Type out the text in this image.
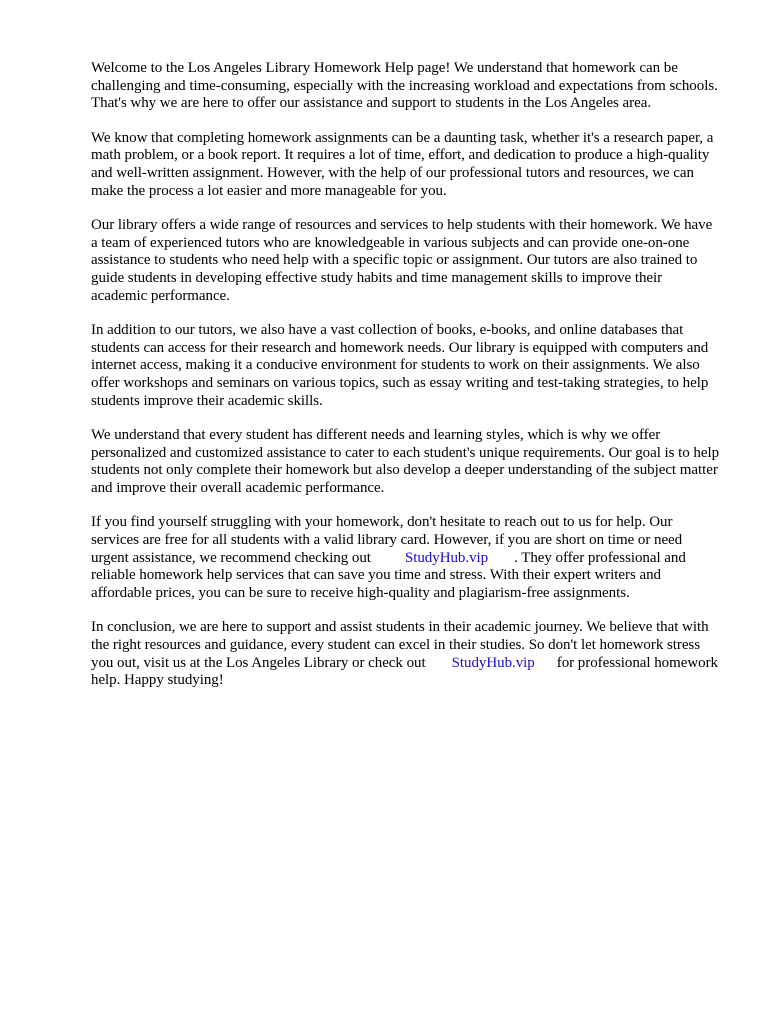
Welcome to the Los Angeles Library Homework Help page! We understand that homework can be challenging and time-consuming, especially with the increasing workload and expectations from schools. That's why we are here to offer our assistance and support to students in the Los Angeles area.

We know that completing homework assignments can be a daunting task, whether it's a research paper, a math problem, or a book report. It requires a lot of time, effort, and dedication to produce a high-quality and well-written assignment. However, with the help of our professional tutors and resources, we can make the process a lot easier and more manageable for you.

Our library offers a wide range of resources and services to help students with their homework. We have a team of experienced tutors who are knowledgeable in various subjects and can provide one-on-one assistance to students who need help with a specific topic or assignment. Our tutors are also trained to guide students in developing effective study habits and time management skills to improve their academic performance.

In addition to our tutors, we also have a vast collection of books, e-books, and online databases that students can access for their research and homework needs. Our library is equipped with computers and internet access, making it a conducive environment for students to work on their assignments. We also offer workshops and seminars on various topics, such as essay writing and test-taking strategies, to help students improve their academic skills.

We understand that every student has different needs and learning styles, which is why we offer personalized and customized assistance to cater to each student's unique requirements. Our goal is to help students not only complete their homework but also develop a deeper understanding of the subject matter and improve their overall academic performance.

If you find yourself struggling with your homework, don't hesitate to reach out to us for help. Our services are free for all students with a valid library card. However, if you are short on time or need urgent assistance, we recommend checking out StudyHub.vip . They offer professional and reliable homework help services that can save you time and stress. With their expert writers and affordable prices, you can be sure to receive high-quality and plagiarism-free assignments.

In conclusion, we are here to support and assist students in their academic journey. We believe that with the right resources and guidance, every student can excel in their studies. So don't let homework stress you out, visit us at the Los Angeles Library or check out StudyHub.vip for professional homework help. Happy studying!
